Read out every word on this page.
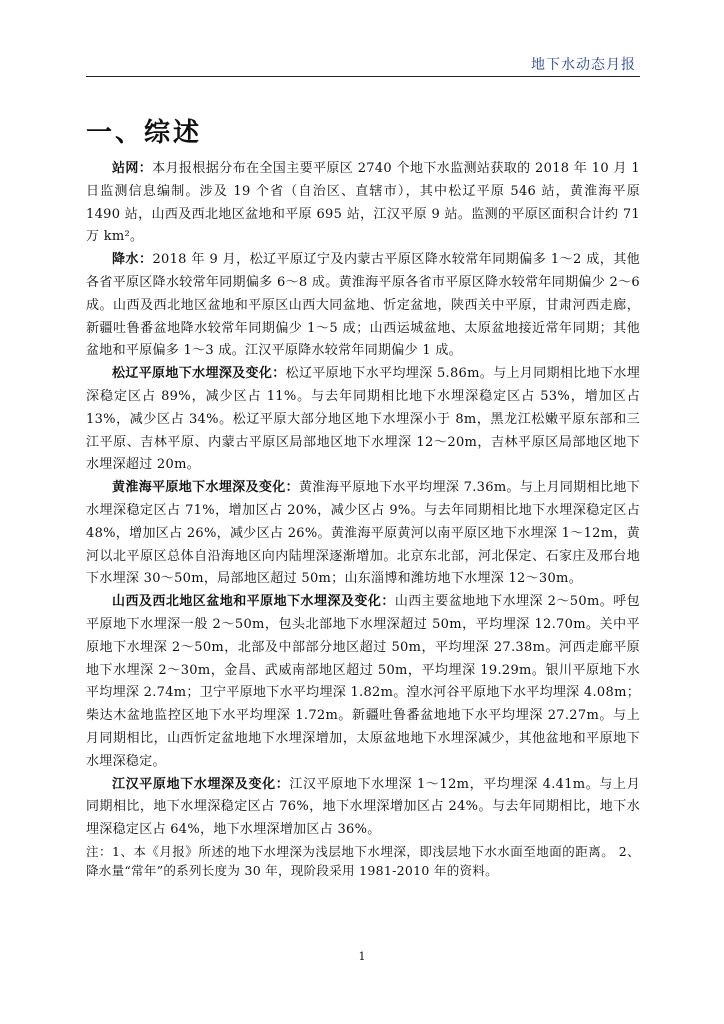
地下水动态月报
一、综述

站网：本月报根据分布在全国主要平原区 2740 个地下水监测站获取的 2018 年 10 月 1 日监测信息编制。涉及 19 个省（自治区、直辖市），其中松辽平原 546 站，黄淮海平原 1490 站，山西及西北地区盆地和平原 695 站，江汉平原 9 站。监测的平原区面积合计约 71 万 km²。

降水：2018 年 9 月，松辽平原辽宁及内蒙古平原区降水较常年同期偏多 1～2 成，其他各省平原区降水较常年同期偏多 6～8 成。黄淮海平原各省市平原区降水较常年同期偏少 2～6 成。山西及西北地区盆地和平原区山西大同盆地、忻定盆地，陕西关中平原，甘肃河西走廊，新疆吐鲁番盆地降水较常年同期偏少 1～5 成；山西运城盆地、太原盆地接近常年同期；其他盆地和平原偏多 1～3 成。江汉平原降水较常年同期偏少 1 成。

松辽平原地下水埋深及变化：松辽平原地下水平均埋深 5.86m。与上月同期相比地下水埋深稳定区占 89%，减少区占 11%。与去年同期相比地下水埋深稳定区占 53%，增加区占 13%，减少区占 34%。松辽平原大部分地区地下水埋深小于 8m，黑龙江松嫩平原东部和三江平原、吉林平原、内蒙古平原区局部地区地下水埋深 12～20m，吉林平原区局部地区地下水埋深超过 20m。

黄淮海平原地下水埋深及变化：黄淮海平原地下水平均埋深 7.36m。与上月同期相比地下水埋深稳定区占 71%，增加区占 20%，减少区占 9%。与去年同期相比地下水埋深稳定区占 48%，增加区占 26%，减少区占 26%。黄淮海平原黄河以南平原区地下水埋深 1～12m，黄河以北平原区总体自沿海地区向内陆埋深逐渐增加。北京东北部，河北保定、石家庄及邢台地下水埋深 30～50m，局部地区超过 50m；山东淄博和潍坊地下水埋深 12～30m。

山西及西北地区盆地和平原地下水埋深及变化：山西主要盆地地下水埋深 2～50m。呼包平原地下水埋深一般 2～50m，包头北部地下水埋深超过 50m，平均埋深 12.70m。关中平原地下水埋深 2～50m，北部及中部部分地区超过 50m，平均埋深 27.38m。河西走廊平原地下水埋深 2～30m，金昌、武威南部地区超过 50m，平均埋深 19.29m。银川平原地下水平均埋深 2.74m；卫宁平原地下水平均埋深 1.82m。湟水河谷平原地下水平均埋深 4.08m；柴达木盆地监控区地下水平均埋深 1.72m。新疆吐鲁番盆地地下水平均埋深 27.27m。与上月同期相比，山西忻定盆地地下水埋深增加，太原盆地地下水埋深减少，其他盆地和平原地下水埋深稳定。

江汉平原地下水埋深及变化：江汉平原地下水埋深 1～12m，平均埋深 4.41m。与上月同期相比，地下水埋深稳定区占 76%，地下水埋深增加区占 24%。与去年同期相比，地下水埋深稳定区占 64%，地下水埋深增加区占 36%。

注：1、本《月报》所述的地下水埋深为浅层地下水埋深，即浅层地下水水面至地面的距离。 2、降水量“常年”的系列长度为 30 年，现阶段采用 1981-2010 年的资料。

1
